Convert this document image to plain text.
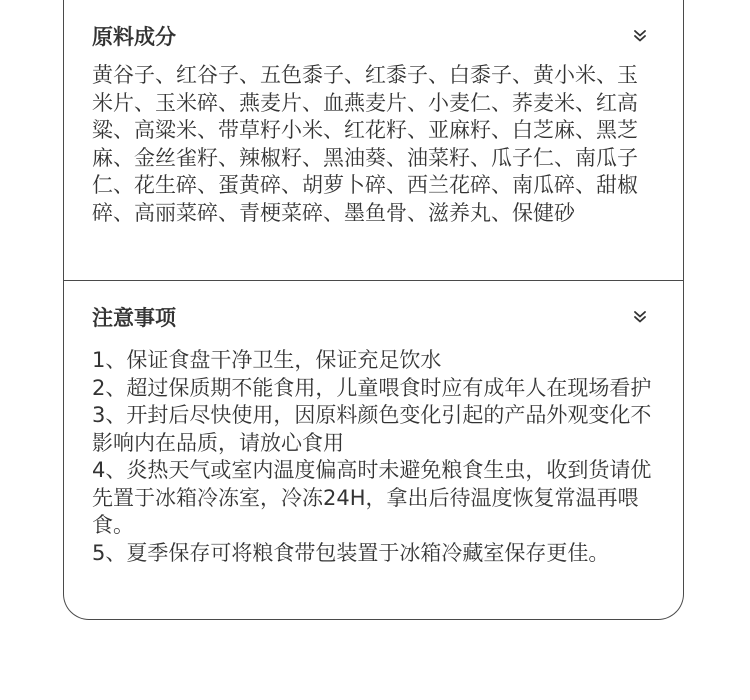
原料成分
黄谷子、红谷子、五色黍子、红黍子、白黍子、黄小米、玉米片、玉米碎、燕麦片、血燕麦片、小麦仁、荞麦米、红高粱、高粱米、带草籽小米、红花籽、亚麻籽、白芝麻、黑芝麻、金丝雀籽、辣椒籽、黑油葵、油菜籽、瓜子仁、南瓜子仁、花生碎、蛋黄碎、胡萝卜碎、西兰花碎、南瓜碎、甜椒碎、高丽菜碎、青梗菜碎、墨鱼骨、滋养丸、保健砂
注意事项
1、保证食盘干净卫生，保证充足饮水
2、超过保质期不能食用，儿童喂食时应有成年人在现场看护
3、开封后尽快使用，因原料颜色变化引起的产品外观变化不影响内在品质，请放心食用
4、炎热天气或室内温度偏高时未避免粮食生虫，收到货请优先置于冰箱冷冻室，冷冻24H，拿出后待温度恢复常温再喂食。
5、夏季保存可将粮食带包装置于冰箱冷藏室保存更佳。
